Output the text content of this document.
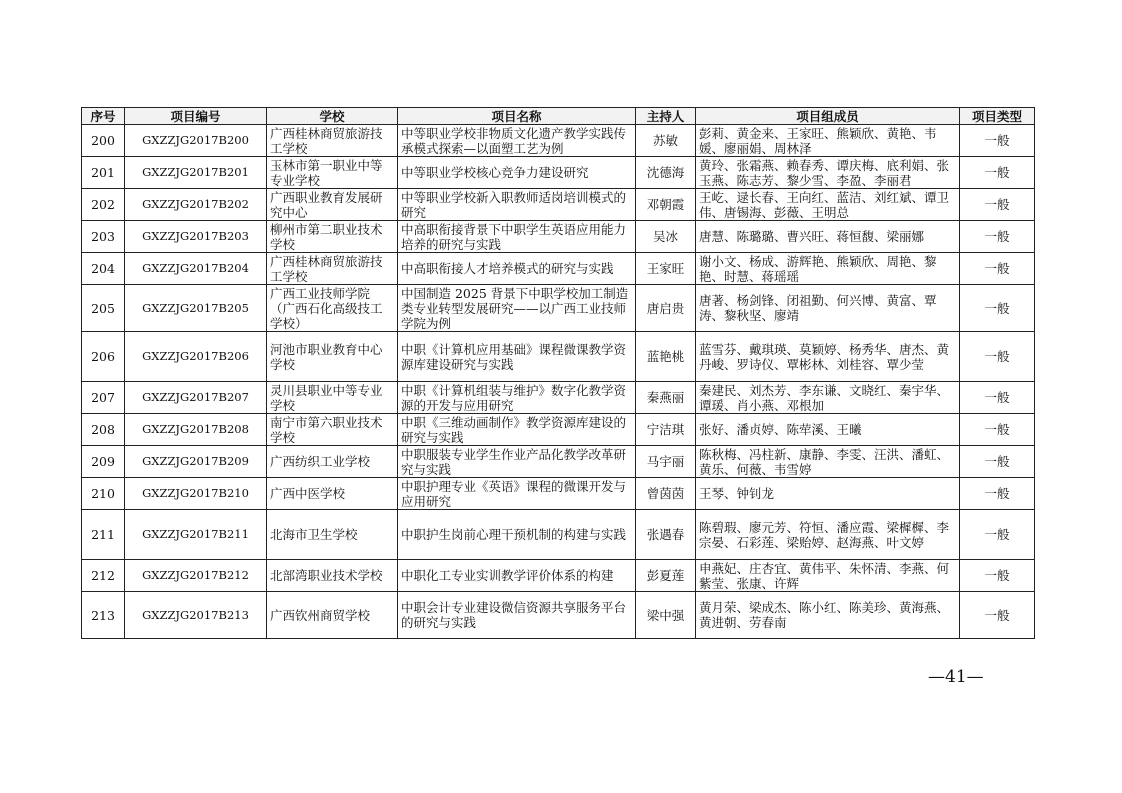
序号	项目编号	学校	项目名称	主持人	项目组成员	项目类型
200	GXZZJG2017B200	广西桂林商贸旅游技工学校	中等职业学校非物质文化遗产教学实践传承模式探索—以面塑工艺为例	苏敏	彭莉、黄金来、王家旺、熊颖欣、黄艳、韦媛、廖丽娟、周林泽	一般
201	GXZZJG2017B201	玉林市第一职业中等专业学校	中等职业学校核心竞争力建设研究	沈德海	黄玲、张霜燕、赖春秀、谭庆梅、底利娟、张玉燕、陈志芳、黎少雪、李盈、李丽君	一般
202	GXZZJG2017B202	广西职业教育发展研究中心	中等职业学校新入职教师适岗培训模式的研究	邓朝霞	王屹、逯长春、王向红、蓝洁、刘红斌、谭卫伟、唐锡海、彭薇、王明总	一般
203	GXZZJG2017B203	柳州市第二职业技术学校	中高职衔接背景下中职学生英语应用能力培养的研究与实践	吴冰	唐慧、陈璐璐、曹兴旺、蒋恒馥、梁丽娜	一般
204	GXZZJG2017B204	广西桂林商贸旅游技工学校	中高职衔接人才培养模式的研究与实践	王家旺	谢小文、杨成、游辉艳、熊颖欣、周艳、黎艳、时慧、蒋瑶瑶	一般
205	GXZZJG2017B205	广西工业技师学院（广西石化高级技工学校）	中国制造 2025 背景下中职学校加工制造类专业转型发展研究——以广西工业技师学院为例	唐启贵	唐著、杨剑锋、闭祖勤、何兴博、黄富、覃涛、黎秋坚、廖靖	一般
206	GXZZJG2017B206	河池市职业教育中心学校	中职《计算机应用基础》课程微课教学资源库建设研究与实践	蓝艳桃	蓝雪芬、戴琪瑛、莫颖婷、杨秀华、唐杰、黄丹峻、罗诗仪、覃彬林、刘桂容、覃少莹	一般
207	GXZZJG2017B207	灵川县职业中等专业学校	中职《计算机组装与维护》数字化教学资源的开发与应用研究	秦燕丽	秦建民、刘杰芳、李东谦、文晓红、秦宇华、谭瑗、肖小燕、邓根加	一般
208	GXZZJG2017B208	南宁市第六职业技术学校	中职《三维动画制作》教学资源库建设的研究与实践	宁洁琪	张好、潘贞婷、陈荦溪、王曦	一般
209	GXZZJG2017B209	广西纺织工业学校	中职服装专业学生作业产品化教学改革研究与实践	马宇丽	陈秋梅、冯柱新、康静、李雯、汪洪、潘虹、黄乐、何薇、韦雪婷	一般
210	GXZZJG2017B210	广西中医学校	中职护理专业《英语》课程的微课开发与应用研究	曾茵茵	王琴、钟钊龙	一般
211	GXZZJG2017B211	北海市卫生学校	中职护生岗前心理干预机制的构建与实践	张遇春	陈碧瑕、廖元芳、符恒、潘应霞、梁樨樨、李宗晏、石彩莲、梁贻婷、赵海燕、叶文婷	一般
212	GXZZJG2017B212	北部湾职业技术学校	中职化工专业实训教学评价体系的构建	彭夏莲	申燕妃、庄杏宜、黄伟平、朱怀清、李燕、何紫莹、张康、许辉	一般
213	GXZZJG2017B213	广西钦州商贸学校	中职会计专业建设微信资源共享服务平台的研究与实践	梁中强	黄月荣、梁成杰、陈小红、陈美珍、黄海燕、黄进朝、劳春南	一般
—41—
